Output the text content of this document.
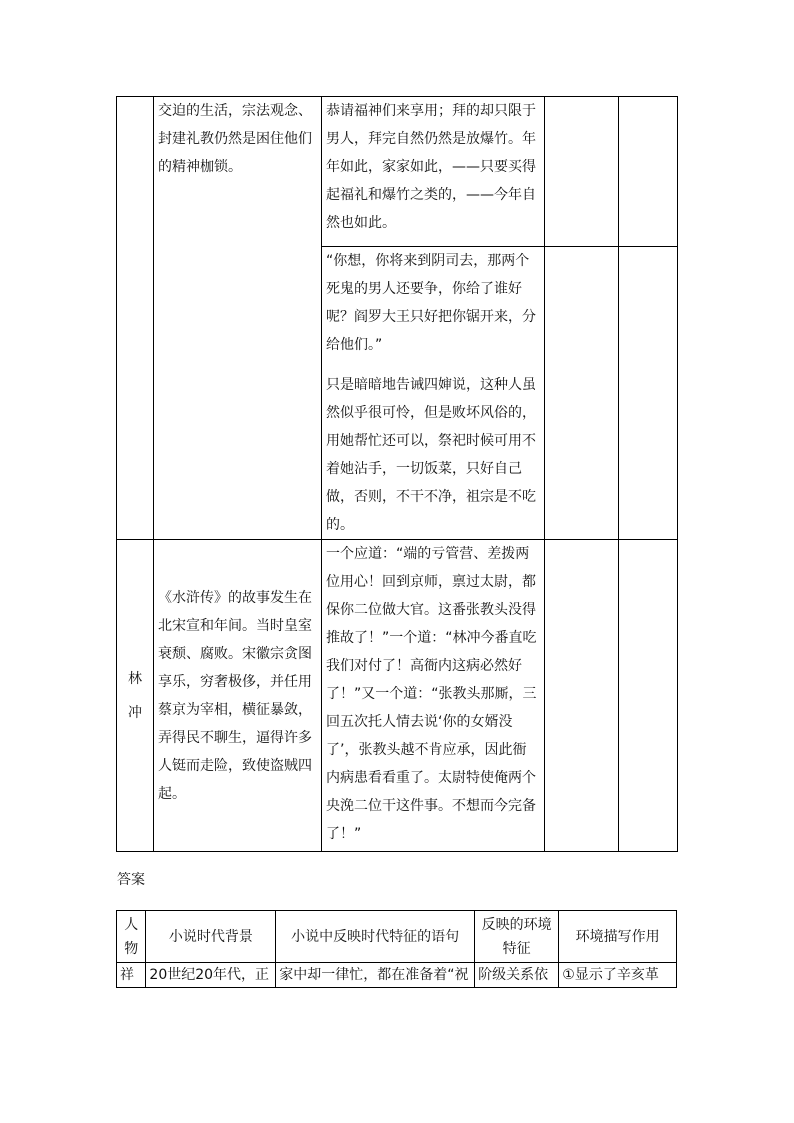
	交迫的生活，宗法观念、封建礼教仍然是困住他们的精神枷锁。	恭请福神们来享用；拜的却只限于男人，拜完自然仍然是放爆竹。年年如此，家家如此，——只要买得起福礼和爆竹之类的，——今年自然也如此。		

		“你想，你将来到阴司去，那两个死鬼的男人还要争，你给了谁好呢？阎罗大王只好把你锯开来，分给他们。”

只是暗暗地告诫四婶说，这种人虽然似乎很可怜，但是败坏风俗的，用她帮忙还可以，祭祀时候可用不着她沾手，一切饭菜，只好自己做，否则，不干不净，祖宗是不吃的。		

林
冲	《水浒传》的故事发生在北宋宣和年间。当时皇室衰颓、腐败。宋徽宗贪图享乐，穷奢极侈，并任用蔡京为宰相，横征暴敛，弄得民不聊生，逼得许多人铤而走险，致使盗贼四起。	一个应道：“端的亏管营、差拨两位用心！回到京师，禀过太尉，都保你二位做大官。这番张教头没得推故了！”一个道：“林冲今番直吃我们对付了！高衙内这病必然好了！”又一个道：“张教头那厮，三回五次托人情去说‘你的女婿没了’，张教头越不肯应承，因此衙内病患看看重了。太尉特使俺两个央浼二位干这件事。不想而今完备了！”		
答案
人物	小说时代背景	小说中反映时代特征的语句	反映的环境特征	环境描写作用
祥	20世纪20年代，正	家中却一律忙，都在准备着“祝	阶级关系依	①显示了辛亥革
